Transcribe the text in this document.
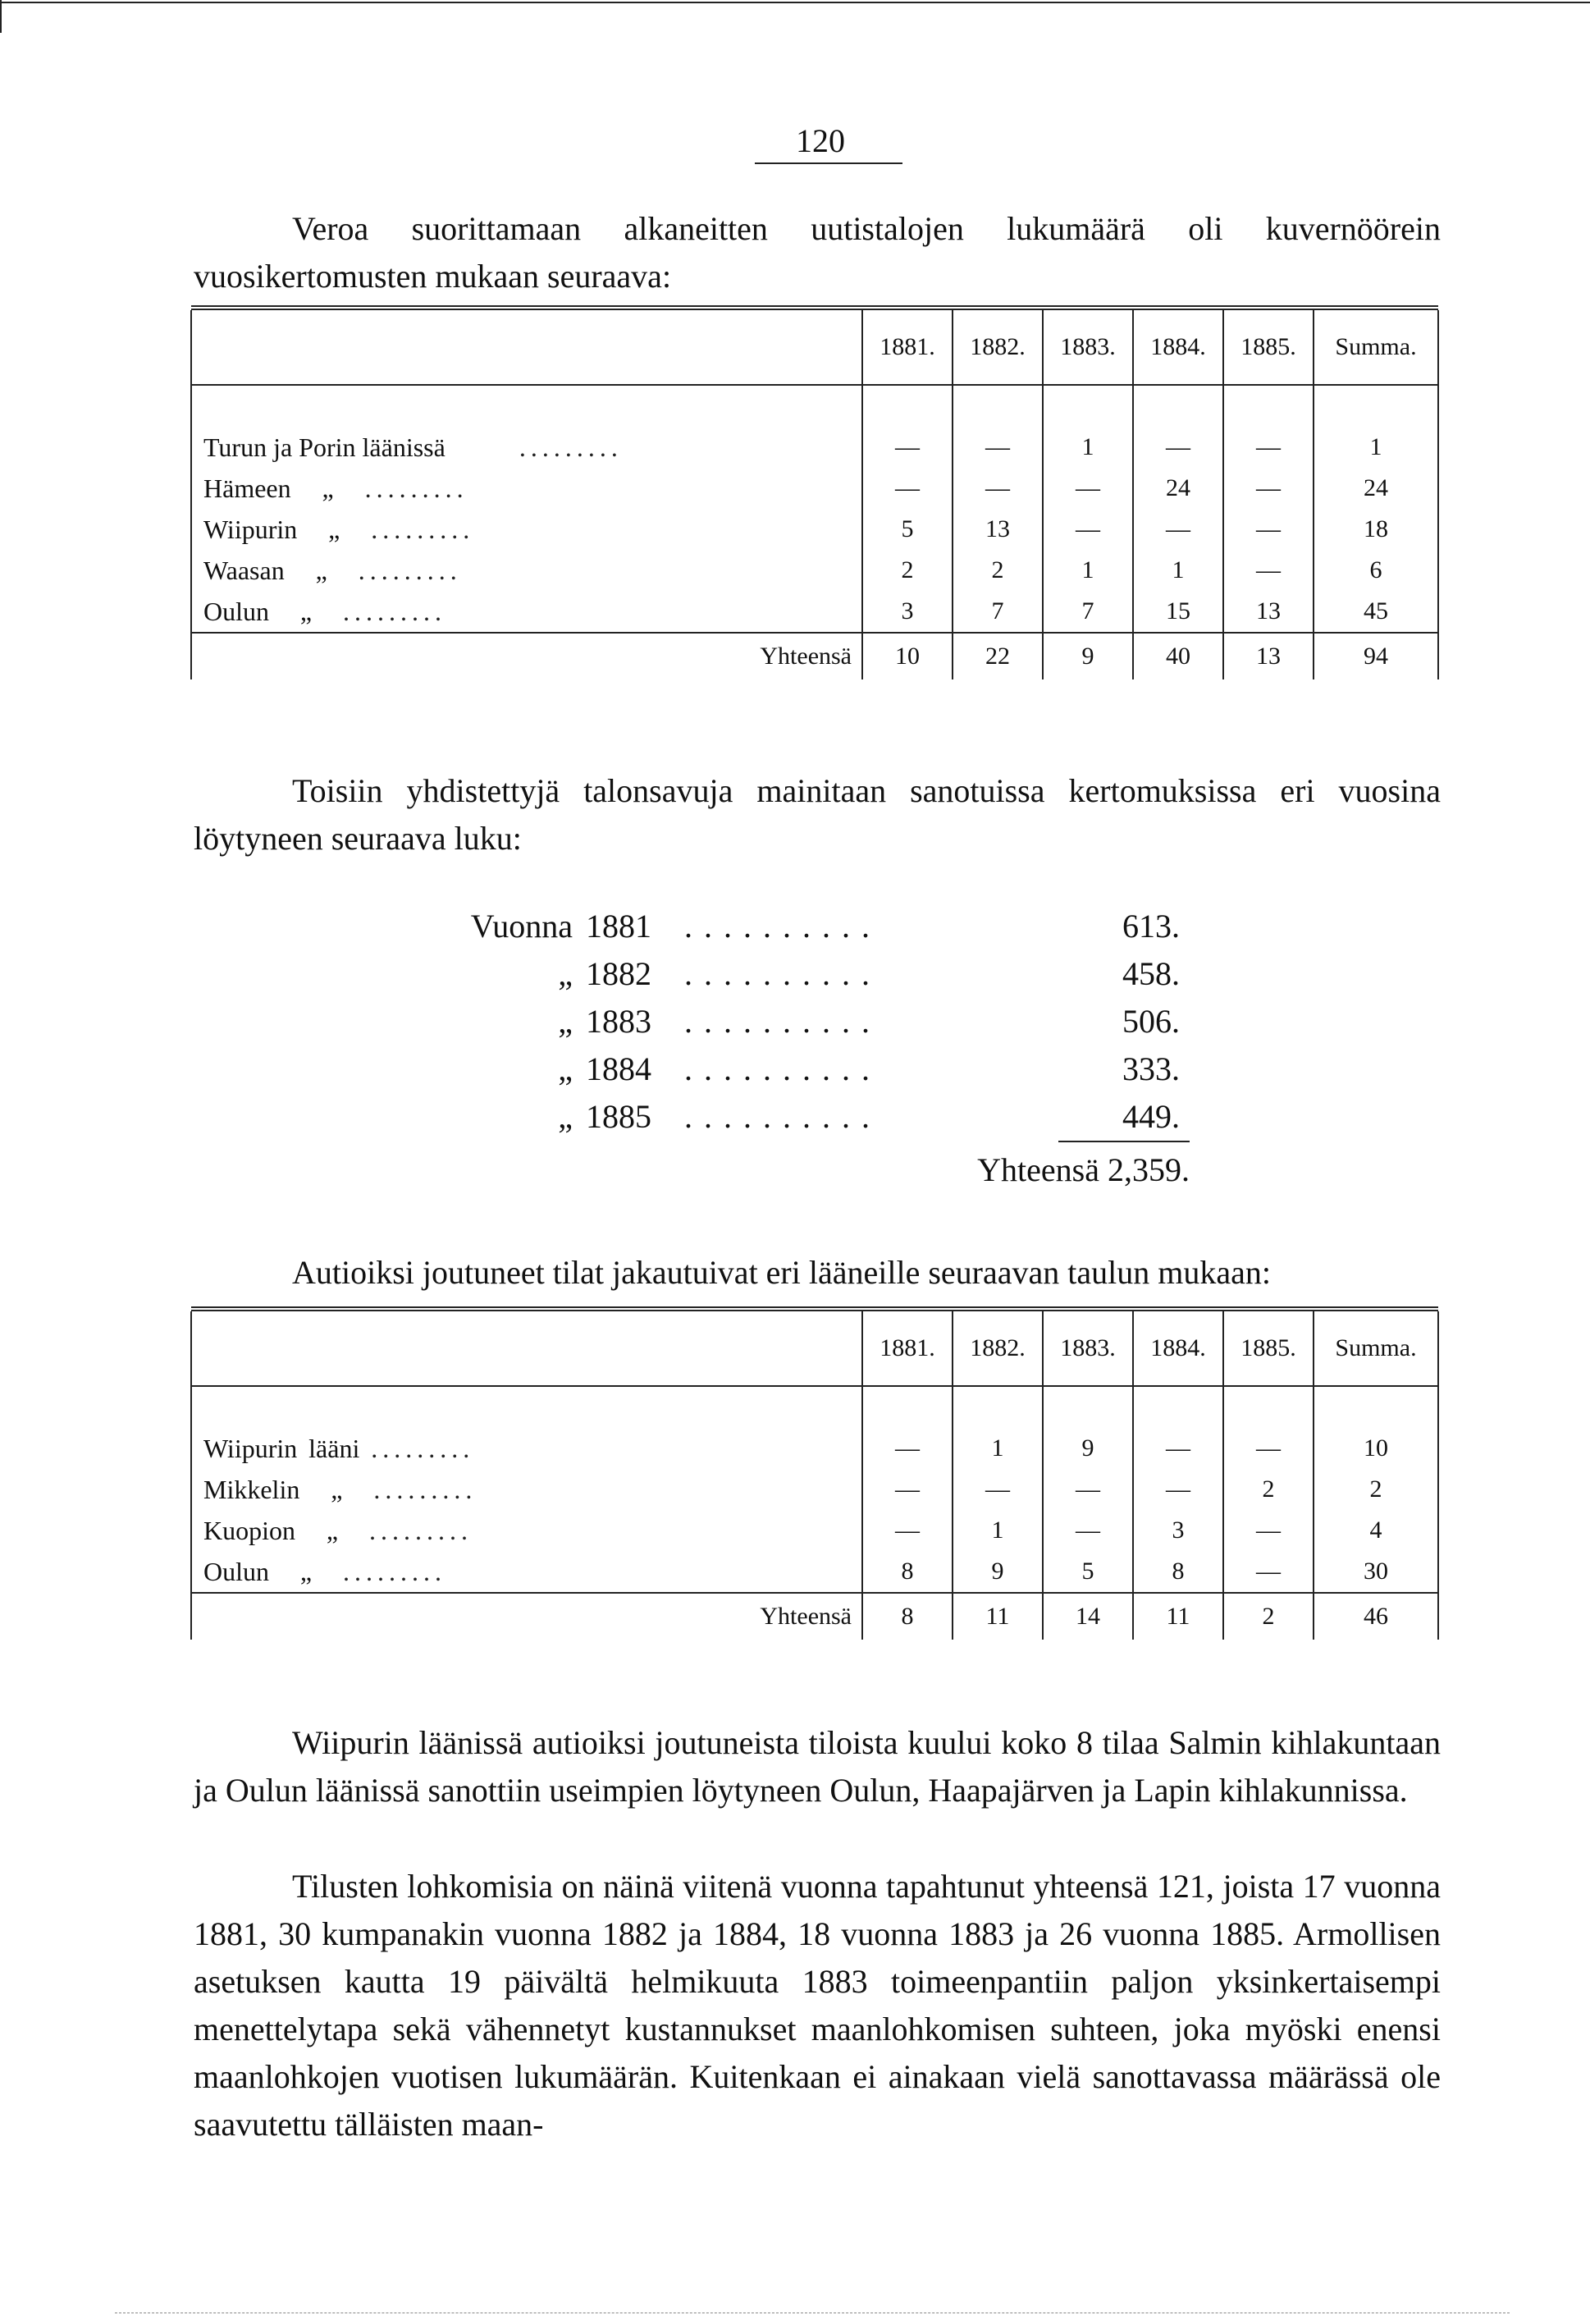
120
Veroa suorittamaan alkaneitten uutistalojen lukumäärä oli kuvernöörein vuosikertomusten mukaan seuraava:

	1881.	1882.	1883.	1884.	1885.	Summa.

Turun ja Porin läänissä .........	—	—	1	—	—	1
Hämeen „ .........	—	—	—	24	—	24
Wiipurin „ .........	5	13	—	—	—	18
Waasan „ .........	2	2	1	1	—	6
Oulun „ .........	3	7	7	15	13	45
Yhteensä	10	22	9	40	13	94
Toisiin yhdistettyjä talonsavuja mainitaan sanotuissa kertomuksissa eri vuosina löytyneen seuraava luku:
Vuonna 1881 ..........	613.
„ 1882 ..........	458.
„ 1883 ..........	506.
„ 1884 ..........	333.
„ 1885 ..........	449.
Yhteensä 2,359.
Autioiksi joutuneet tilat jakautuivat eri lääneille seuraavan taulun mukaan:

	1881.	1882.	1883.	1884.	1885.	Summa.

Wiipurin lääni .........	—	1	9	—	—	10
Mikkelin „ .........	—	—	—	—	2	2
Kuopion „ .........	—	1	—	3	—	4
Oulun „ .........	8	9	5	8	—	30
Yhteensä	8	11	14	11	2	46
Wiipurin läänissä autioiksi joutuneista tiloista kuului koko 8 tilaa Salmin kihlakuntaan ja Oulun läänissä sanottiin useimpien löytyneen Oulun, Haapajärven ja Lapin kihlakunnissa.
Tilusten lohkomisia on näinä viitenä vuonna tapahtunut yhteensä 121, joista 17 vuonna 1881, 30 kumpanakin vuonna 1882 ja 1884, 18 vuonna 1883 ja 26 vuonna 1885. Armollisen asetuksen kautta 19 päivältä helmikuuta 1883 toimeenpantiin paljon yksinkertaisempi menettelytapa sekä vähennetyt kustannukset maanlohkomisen suhteen, joka myöski enensi maanlohkojen vuotisen lukumäärän. Kuitenkaan ei ainakaan vielä sanottavassa määrässä ole saavutettu tälläisten maan-
